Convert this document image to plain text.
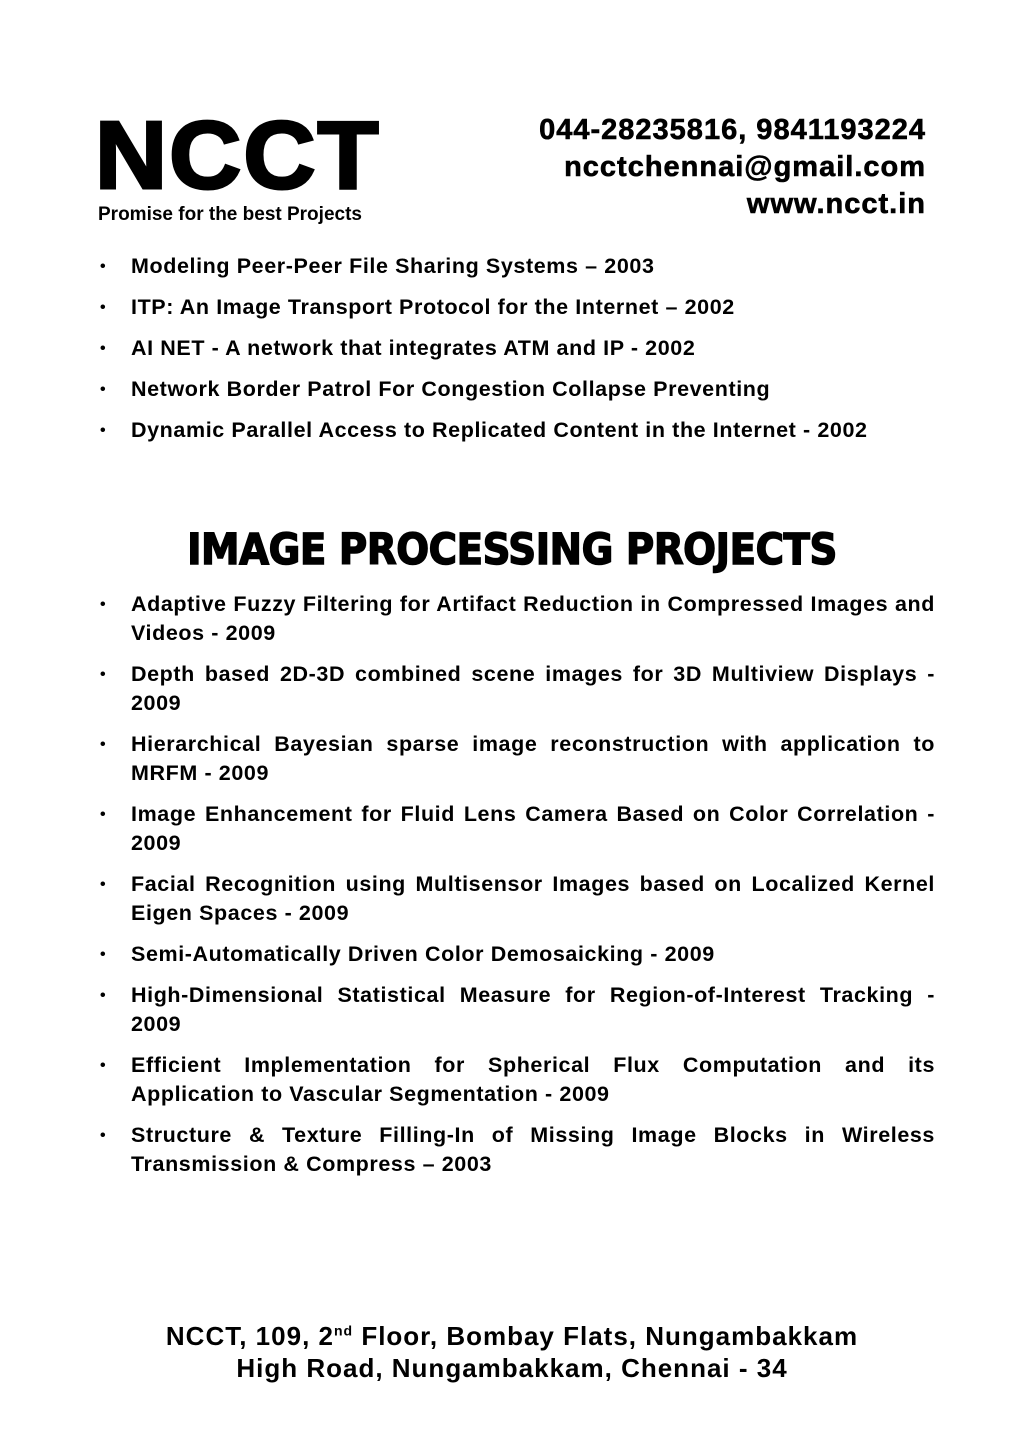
NCCT
Promise for the best Projects
044-28235816, 9841193224
ncctchennai@gmail.com
www.ncct.in
• Modeling Peer-Peer File Sharing Systems – 2003
• ITP: An Image Transport Protocol for the Internet – 2002
• AI NET - A network that integrates ATM and IP - 2002
• Network Border Patrol For Congestion Collapse Preventing
• Dynamic Parallel Access to Replicated Content in the Internet - 2002
IMAGE PROCESSING PROJECTS
• Adaptive Fuzzy Filtering for Artifact Reduction in Compressed Images and Videos - 2009
• Depth based 2D-3D combined scene images for 3D Multiview Displays - 2009
• Hierarchical Bayesian sparse image reconstruction with application to MRFM - 2009
• Image Enhancement for Fluid Lens Camera Based on Color Correlation - 2009
• Facial Recognition using Multisensor Images based on Localized Kernel Eigen Spaces - 2009
• Semi-Automatically Driven Color Demosaicking - 2009
• High-Dimensional Statistical Measure for Region-of-Interest Tracking - 2009
• Efficient Implementation for Spherical Flux Computation and its Application to Vascular Segmentation - 2009
• Structure & Texture Filling-In of Missing Image Blocks in Wireless Transmission & Compress – 2003
NCCT, 109, 2nd Floor, Bombay Flats, Nungambakkam
High Road, Nungambakkam, Chennai - 34
